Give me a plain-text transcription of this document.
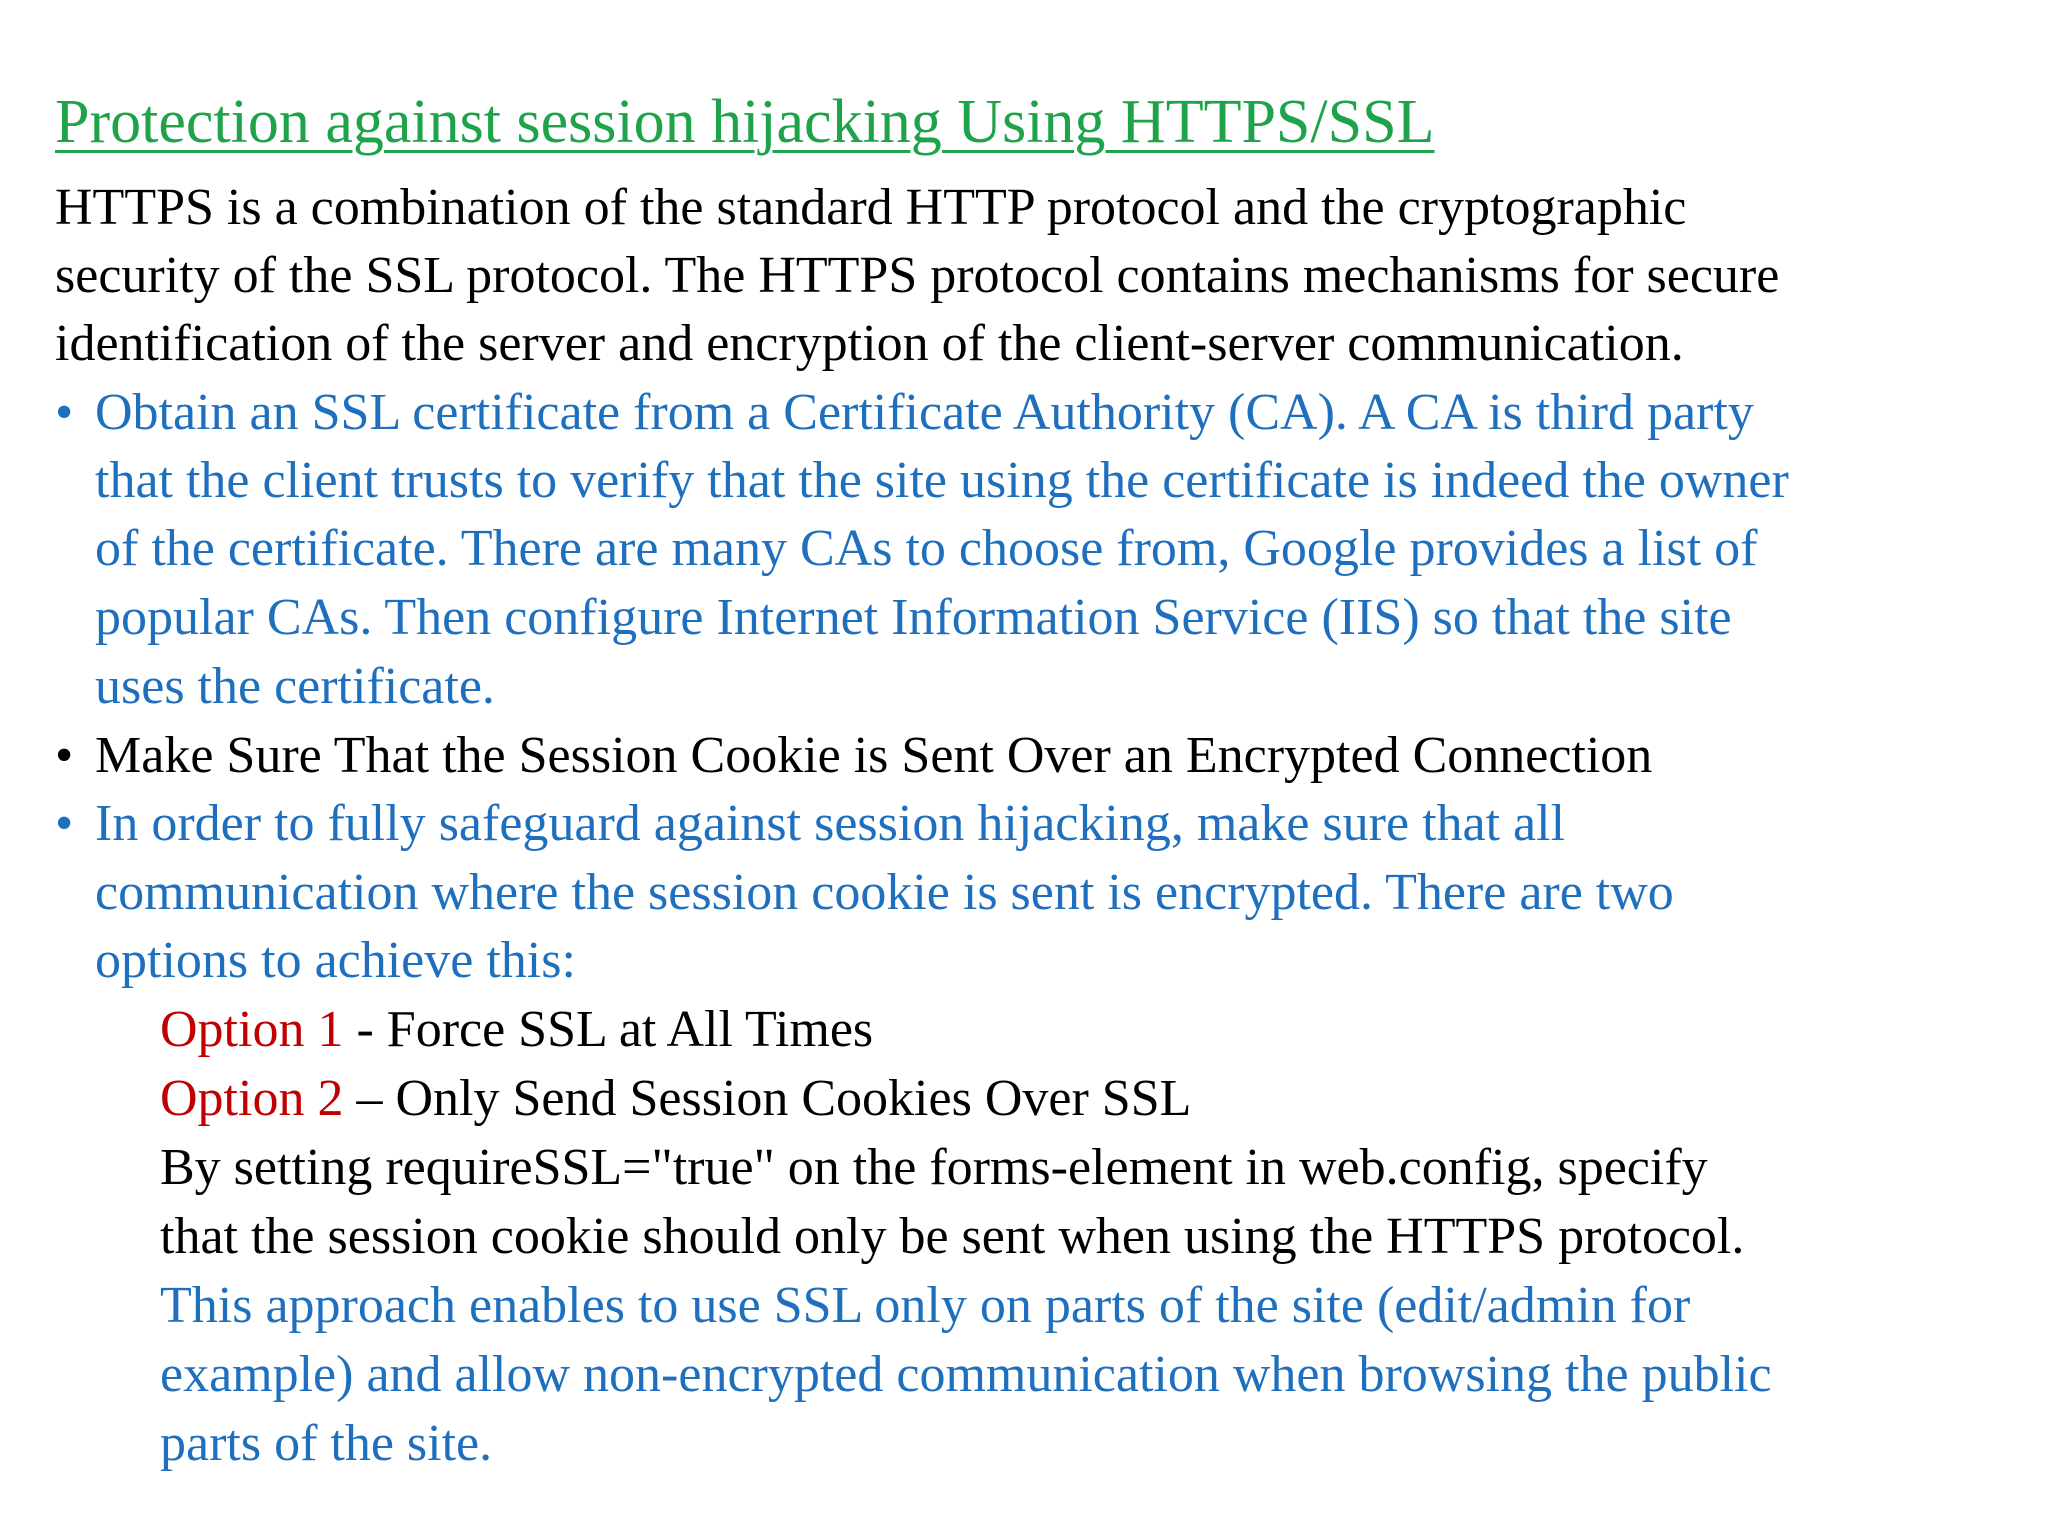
Protection against session hijacking Using HTTPS/SSL
HTTPS is a combination of the standard HTTP protocol and the cryptographic
security of the SSL protocol. The HTTPS protocol contains mechanisms for secure
identification of the server and encryption of the client-server communication.
• Obtain an SSL certificate from a Certificate Authority (CA). A CA is third party
that the client trusts to verify that the site using the certificate is indeed the owner
of the certificate. There are many CAs to choose from, Google provides a list of
popular CAs. Then configure Internet Information Service (IIS) so that the site
uses the certificate.
• Make Sure That the Session Cookie is Sent Over an Encrypted Connection
• In order to fully safeguard against session hijacking, make sure that all
communication where the session cookie is sent is encrypted. There are two
options to achieve this:
Option 1 - Force SSL at All Times
Option 2 – Only Send Session Cookies Over SSL
By setting requireSSL="true" on the forms-element in web.config, specify
that the session cookie should only be sent when using the HTTPS protocol.
This approach enables to use SSL only on parts of the site (edit/admin for
example) and allow non-encrypted communication when browsing the public
parts of the site.
